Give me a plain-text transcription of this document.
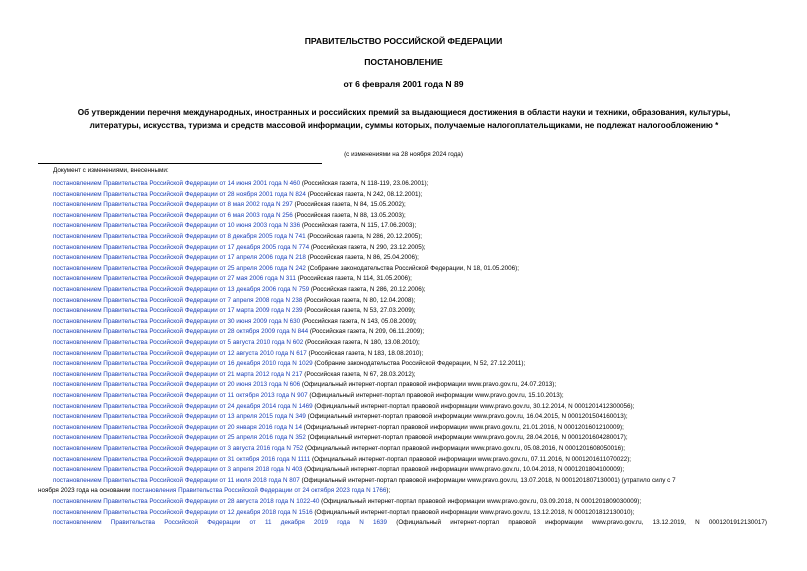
ПРАВИТЕЛЬСТВО РОССИЙСКОЙ ФЕДЕРАЦИИ
ПОСТАНОВЛЕНИЕ
от 6 февраля 2001 года N 89
Об утверждении перечня международных, иностранных и российских премий за выдающиеся достижения в области науки и техники, образования, культуры,
литературы, искусства, туризма и средств массовой информации, суммы которых, получаемые налогоплательщиками, не подлежат налогообложению *
(с изменениями на 28 ноября 2024 года)
Документ с изменениями, внесенными:
постановлением Правительства Российской Федерации от 14 июня 2001 года N 460 (Российская газета, N 118-119, 23.06.2001);
постановлением Правительства Российской Федерации от 28 ноября 2001 года N 824 (Российская газета, N 242, 08.12.2001);
постановлением Правительства Российской Федерации от 8 мая 2002 года N 297 (Российская газета, N 84, 15.05.2002);
постановлением Правительства Российской Федерации от 6 мая 2003 года N 256 (Российская газета, N 88, 13.05.2003);
постановлением Правительства Российской Федерации от 10 июня 2003 года N 336 (Российская газета, N 115, 17.06.2003);
постановлением Правительства Российской Федерации от 8 декабря 2005 года N 741 (Российская газета, N 286, 20.12.2005);
постановлением Правительства Российской Федерации от 17 декабря 2005 года N 774 (Российская газета, N 290, 23.12.2005);
постановлением Правительства Российской Федерации от 17 апреля 2006 года N 218 (Российская газета, N 86, 25.04.2006);
постановлением Правительства Российской Федерации от 25 апреля 2006 года N 242 (Собрание законодательства Российской Федерации, N 18, 01.05.2006);
постановлением Правительства Российской Федерации от 27 мая 2006 года N 311 (Российская газета, N 114, 31.05.2006);
постановлением Правительства Российской Федерации от 13 декабря 2006 года N 759 (Российская газета, N 286, 20.12.2006);
постановлением Правительства Российской Федерации от 7 апреля 2008 года N 238 (Российская газета, N 80, 12.04.2008);
постановлением Правительства Российской Федерации от 17 марта 2009 года N 239 (Российская газета, N 53, 27.03.2009);
постановлением Правительства Российской Федерации от 30 июня 2009 года N 630 (Российская газета, N 143, 05.08.2009);
постановлением Правительства Российской Федерации от 28 октября 2009 года N 844 (Российская газета, N 209, 06.11.2009);
постановлением Правительства Российской Федерации от 5 августа 2010 года N 602 (Российская газета, N 180, 13.08.2010);
постановлением Правительства Российской Федерации от 12 августа 2010 года N 617 (Российская газета, N 183, 18.08.2010);
постановлением Правительства Российской Федерации от 16 декабря 2010 года N 1029 (Собрание законодательства Российской Федерации, N 52, 27.12.2011);
постановлением Правительства Российской Федерации от 21 марта 2012 года N 217 (Российская газета, N 67, 28.03.2012);
постановлением Правительства Российской Федерации от 20 июня 2013 года N 606 (Официальный интернет-портал правовой информации www.pravo.gov.ru, 24.07.2013);
постановлением Правительства Российской Федерации от 11 октября 2013 года N 907 (Официальный интернет-портал правовой информации www.pravo.gov.ru, 15.10.2013);
постановлением Правительства Российской Федерации от 24 декабря 2014 года N 1469 (Официальный интернет-портал правовой информации www.pravo.gov.ru, 30.12.2014, N 0001201412300056);
постановлением Правительства Российской Федерации от 13 апреля 2015 года N 349 (Официальный интернет-портал правовой информации www.pravo.gov.ru, 16.04.2015, N 0001201504160013);
постановлением Правительства Российской Федерации от 20 января 2016 года N 14 (Официальный интернет-портал правовой информации www.pravo.gov.ru, 21.01.2016, N 0001201601210009);
постановлением Правительства Российской Федерации от 25 апреля 2016 года N 352 (Официальный интернет-портал правовой информации www.pravo.gov.ru, 28.04.2016, N 0001201604280017);
постановлением Правительства Российской Федерации от 3 августа 2016 года N 752 (Официальный интернет-портал правовой информации www.pravo.gov.ru, 05.08.2016, N 0001201608050016);
постановлением Правительства Российской Федерации от 31 октября 2016 года N 1111 (Официальный интернет-портал правовой информации www.pravo.gov.ru, 07.11.2016, N 0001201611070022);
постановлением Правительства Российской Федерации от 3 апреля 2018 года N 403 (Официальный интернет-портал правовой информации www.pravo.gov.ru, 10.04.2018, N 0001201804100009);
постановлением Правительства Российской Федерации от 11 июля 2018 года N 807 (Официальный интернет-портал правовой информации www.pravo.gov.ru, 13.07.2018, N 0001201807130001) (утратило силу с 7
ноября 2023 года на основании постановления Правительства Российской Федерации от 24 октября 2023 года N 1766);
постановлением Правительства Российской Федерации от 28 августа 2018 года N 1022-40 (Официальный интернет-портал правовой информации www.pravo.gov.ru, 03.09.2018, N 0001201809030009);
постановлением Правительства Российской Федерации от 12 декабря 2018 года N 1516 (Официальный интернет-портал правовой информации www.pravo.gov.ru, 13.12.2018, N 0001201812130010);
постановлением Правительства Российской Федерации от 11 декабря 2019 года N 1639 (Официальный интернет-портал правовой информации www.pravo.gov.ru, 13.12.2019, N 0001201912130017)
